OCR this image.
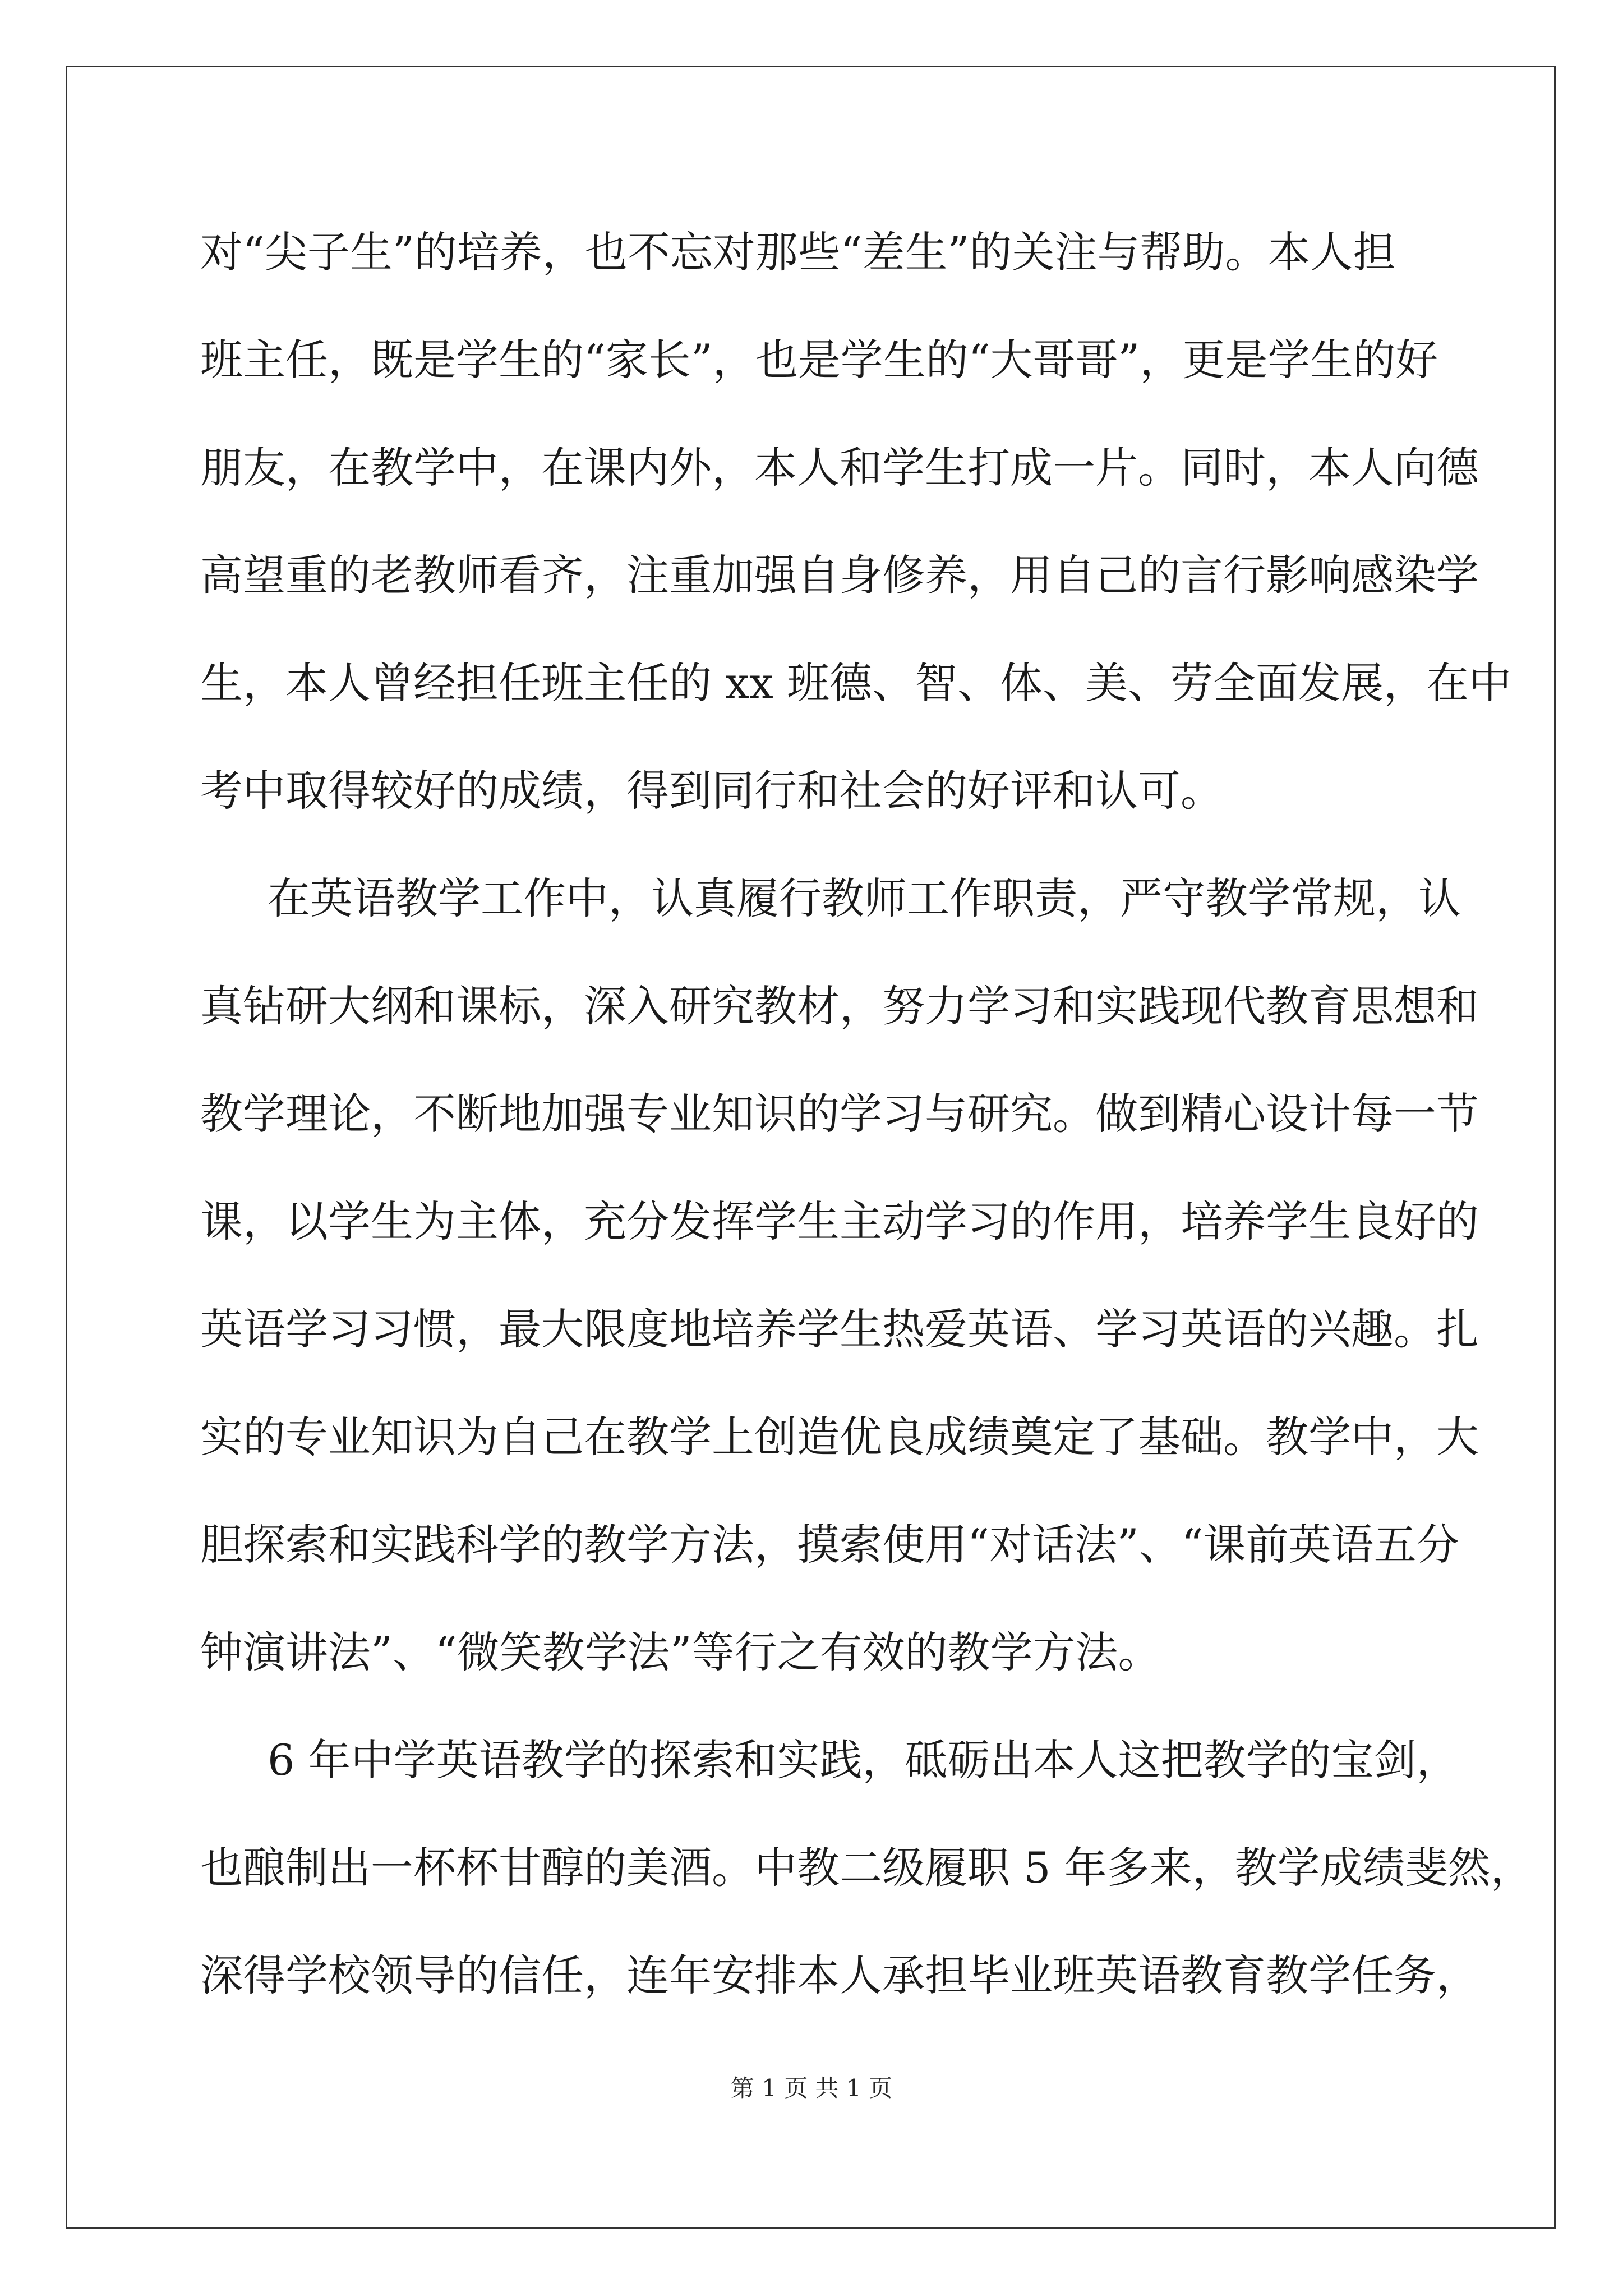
对“尖子生”的培养，也不忘对那些“差生”的关注与帮助。本人担
班主任，既是学生的“家长”，也是学生的“大哥哥”，更是学生的好
朋友，在教学中，在课内外，本人和学生打成一片。同时，本人向德
高望重的老教师看齐，注重加强自身修养，用自己的言行影响感染学
生，本人曾经担任班主任的 xx 班德、智、体、美、劳全面发展，在中
考中取得较好的成绩，得到同行和社会的好评和认可。
在英语教学工作中，认真履行教师工作职责，严守教学常规，认
真钻研大纲和课标，深入研究教材，努力学习和实践现代教育思想和
教学理论，不断地加强专业知识的学习与研究。做到精心设计每一节
课，以学生为主体，充分发挥学生主动学习的作用，培养学生良好的
英语学习习惯，最大限度地培养学生热爱英语、学习英语的兴趣。扎
实的专业知识为自己在教学上创造优良成绩奠定了基础。教学中，大
胆探索和实践科学的教学方法，摸索使用“对话法”、“课前英语五分
钟演讲法”、“微笑教学法”等行之有效的教学方法。
6 年中学英语教学的探索和实践，砥砺出本人这把教学的宝剑，
也酿制出一杯杯甘醇的美酒。中教二级履职 5 年多来，教学成绩斐然，
深得学校领导的信任，连年安排本人承担毕业班英语教育教学任务，
第 1 页 共 1 页
